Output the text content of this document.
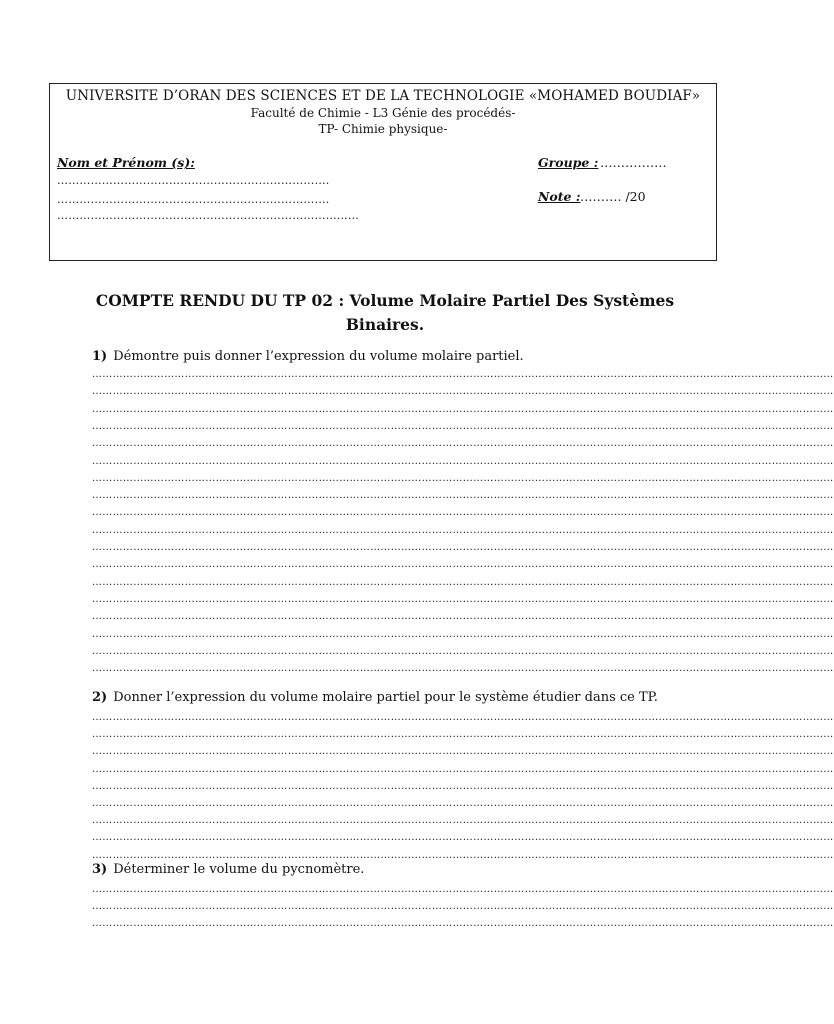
UNIVERSITE D’ORAN DES SCIENCES ET DE LA TECHNOLOGIE «MOHAMED BOUDIAF»
Faculté de Chimie - L3 Génie des procédés-
TP- Chimie physique-
Nom et Prénom (s):
……………………………………………………………….
……………………………………………………………….
……………………………………………………………............
Groupe : …………….
Note : ………. /20
COMPTE RENDU DU TP 02 : Volume Molaire Partiel Des Systèmes Binaires.
1) Démontre puis donner l’expression du volume molaire partiel.
………………………………………………………………………………………………………………………………………………………………………………………………
………………………………………………………………………………………………………………………………………………………………………………………………
………………………………………………………………………………………………………………………………………………………………………………………………
………………………………………………………………………………………………………………………………………………………………………………………………
………………………………………………………………………………………………………………………………………………………………………………………………
………………………………………………………………………………………………………………………………………………………………………………………………
………………………………………………………………………………………………………………………………………………………………………………………………
………………………………………………………………………………………………………………………………………………………………………………………………
………………………………………………………………………………………………………………………………………………………………………………………………
………………………………………………………………………………………………………………………………………………………………………………………………
………………………………………………………………………………………………………………………………………………………………………………………………
………………………………………………………………………………………………………………………………………………………………………………………………
………………………………………………………………………………………………………………………………………………………………………………………………
………………………………………………………………………………………………………………………………………………………………………………………………
………………………………………………………………………………………………………………………………………………………………………………………………
………………………………………………………………………………………………………………………………………………………………………………………………
………………………………………………………………………………………………………………………………………………………………………………………………
………………………………………………………………………………………………………………………………………………………………………………………………
2) Donner l’expression du volume molaire partiel pour le système étudier dans ce TP.
………………………………………………………………………………………………………………………………………………………………………………………………
………………………………………………………………………………………………………………………………………………………………………………………………
………………………………………………………………………………………………………………………………………………………………………………………………
………………………………………………………………………………………………………………………………………………………………………………………………
………………………………………………………………………………………………………………………………………………………………………………………………
………………………………………………………………………………………………………………………………………………………………………………………………
………………………………………………………………………………………………………………………………………………………………………………………………
………………………………………………………………………………………………………………………………………………………………………………………………
………………………………………………………………………………………………………………………………………………………………………………………………
3) Déterminer le volume du pycnomètre.
………………………………………………………………………………………………………………………………………………………………………………………………
………………………………………………………………………………………………………………………………………………………………………………………………
………………………………………………………………………………………………………………………………………………………………………………………………
